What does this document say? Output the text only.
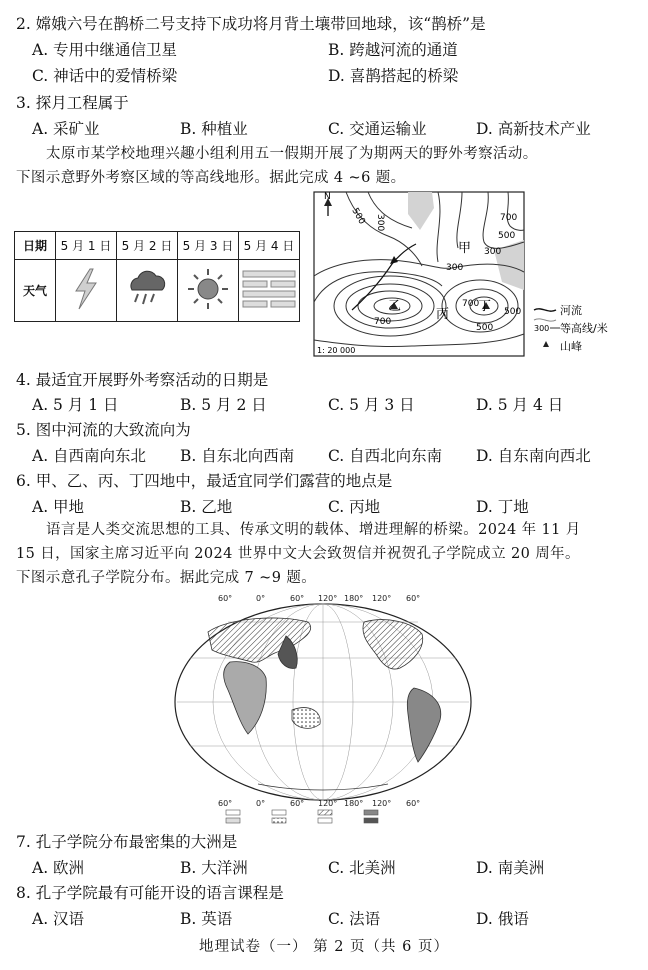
2. 嫦娥六号在鹊桥二号支持下成功将月背土壤带回地球，该“鹊桥”是
A. 专用中继通信卫星	B. 跨越河流的通道
C. 神话中的爱情桥梁	D. 喜鹊搭起的桥梁
3. 探月工程属于
A. 采矿业	B. 种植业	C. 交通运输业	D. 高新技术产业
太原市某学校地理兴趣小组利用五一假期开展了为期两天的野外考察活动。
下图示意野外考察区域的等高线地形。据此完成 4 ~6 题。
日期	5 月 1 日	5 月 2 日	5 月 3 日	5 月 4 日
天气				
N
500 300
300
700
500
700
500
700
500
300
甲
乙
丙
丁
1: 20 000
河流
300 等高线/米
山峰
4. 最适宜开展野外考察活动的日期是
A. 5 月 1 日	B. 5 月 2 日	C. 5 月 3 日	D. 5 月 4 日
5. 图中河流的大致流向为
A. 自西南向东北 B. 自东北向西南 C. 自西北向东南 D. 自东南向西北
6. 甲、乙、丙、丁四地中，最适宜同学们露营的地点是
A. 甲地	B. 乙地	C. 丙地	D. 丁地
语言是人类交流思想的工具、传承文明的载体、增进理解的桥梁。2024 年 11 月
15 日，国家主席习近平向 2024 世界中文大会致贺信并祝贺孔子学院成立 20 周年。
下图示意孔子学院分布。据此完成 7 ~9 题。
60°	0°	60° 120° 180° 120° 60°
60°	0°	60° 120° 180° 120° 60°
7. 孔子学院分布最密集的大洲是
A. 欧洲	B. 大洋洲	C. 北美洲	D. 南美洲
8. 孔子学院最有可能开设的语言课程是
A. 汉语	B. 英语	C. 法语	D. 俄语
地理试卷（一） 第 2 页（共 6 页）
